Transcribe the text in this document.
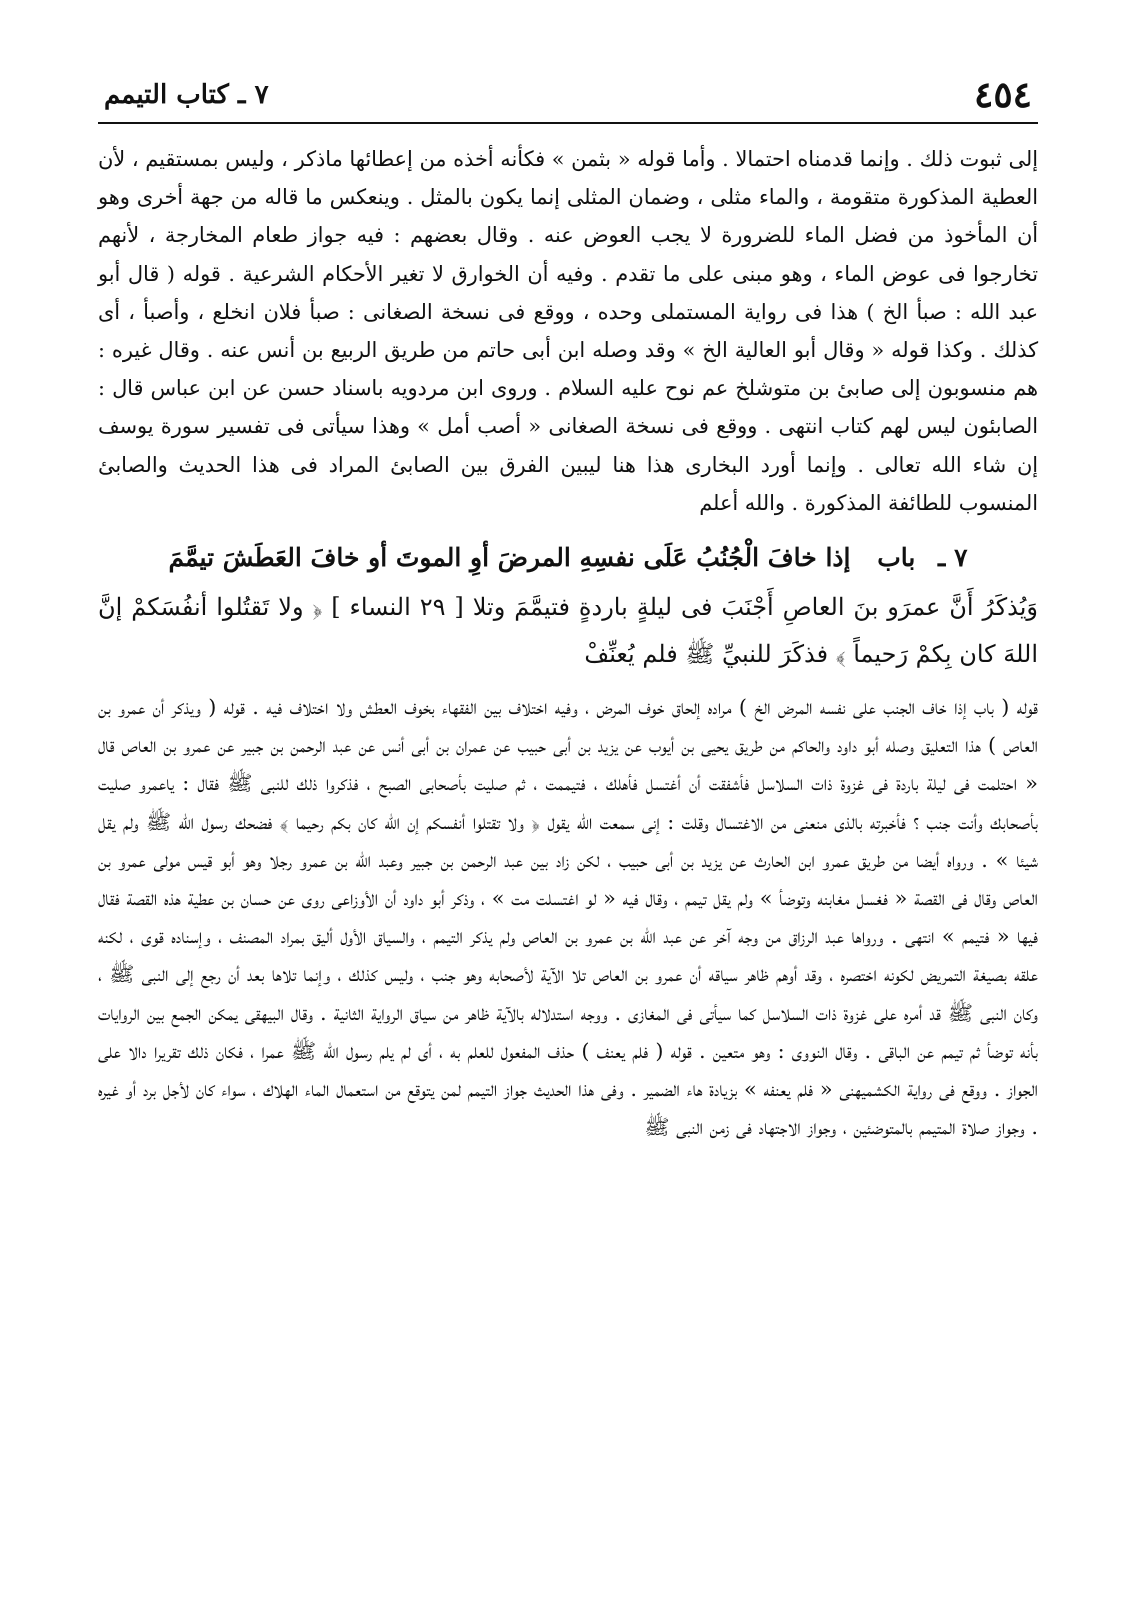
٤٥٤
٧ ـ كتاب التيمم

إلى ثبوت ذلك . وإنما قدمناه احتمالا . وأما قوله « بثمن » فكأنه أخذه من إعطائها ماذكر ، وليس بمستقيم ، لأن العطية المذكورة متقومة ، والماء مثلى ، وضمان المثلى إنما يكون بالمثل . وينعكس ما قاله من جهة أخرى وهو أن المأخوذ من فضل الماء للضرورة لا يجب العوض عنه . وقال بعضهم : فيه جواز طعام المخارجة ، لأنهم تخارجوا فى عوض الماء ، وهو مبنى على ما تقدم . وفيه أن الخوارق لا تغير الأحكام الشرعية . قوله ( قال أبو عبد الله : صبأ الخ ) هذا فى رواية المستملى وحده ، ووقع فى نسخة الصغانى : صبأ فلان انخلع ، وأصبأ ، أى كذلك . وكذا قوله « وقال أبو العالية الخ » وقد وصله ابن أبى حاتم من طريق الربيع بن أنس عنه . وقال غيره : هم منسوبون إلى صابئ بن متوشلخ عم نوح عليه السلام . وروى ابن مردويه باسناد حسن عن ابن عباس قال : الصابئون ليس لهم كتاب انتهى . ووقع فى نسخة الصغانى « أصب أمل » وهذا سيأتى فى تفسير سورة يوسف إن شاء الله تعالى . وإنما أورد البخارى هذا هنا ليبين الفرق بين الصابئ المراد فى هذا الحديث والصابئ المنسوب للطائفة المذكورة . والله أعلم

٧ ـ باب إذا خافَ الْجُنُبُ عَلَى نفسِهِ المرضَ أوِ الموتَ أو خافَ العَطَشَ تيمَّمَ

وَيُذكَرُ أَنَّ عمرَو بنَ العاصِ أَجْنَبَ فى ليلةٍ باردةٍ فتيمَّمَ وتلا [ ٢٩ النساء ] ﴿ ولا تَقتُلوا أنفُسَكمْ إنَّ اللهَ كان بِكمْ رَحيماً ﴾ فذكَرَ للنبيِّ ﷺ فلم يُعنِّفْ

قوله ( باب إذا خاف الجنب على نفسه المرض الخ ) مراده إلحاق خوف المرض ، وفيه اختلاف بين الفقهاء بخوف العطش ولا اختلاف فيه . قوله ( ويذكر أن عمرو بن العاص ) هذا التعليق وصله أبو داود والحاكم من طريق يحيى بن أيوب عن يزيد بن أبى حبيب عن عمران بن أبى أنس عن عبد الرحمن بن جبير عن عمرو بن العاص قال « احتلمت فى ليلة باردة فى غزوة ذات السلاسل فأشفقت أن أغتسل فأهلك ، فتيممت ، ثم صليت بأصحابى الصبح ، فذكروا ذلك للنبى ﷺ فقال : ياعمرو صليت بأصحابك وأنت جنب ؟ فأخبرته بالذى منعنى من الاغتسال وقلت : إنى سمعت الله يقول ﴿ ولا تقتلوا أنفسكم إن الله كان بكم رحيما ﴾ فضحك رسول الله ﷺ ولم يقل شيئا » . ورواه أيضا من طريق عمرو ابن الحارث عن يزيد بن أبى حبيب ، لكن زاد بين عبد الرحمن بن جبير وعبد الله بن عمرو رجلا وهو أبو قيس مولى عمرو بن العاص وقال فى القصة « فغسل مغابنه وتوضأ » ولم يقل تيمم ، وقال فيه « لو اغتسلت مت » ، وذكر أبو داود أن الأوزاعى روى عن حسان بن عطية هذه القصة فقال فيها « فتيمم » انتهى . ورواها عبد الرزاق من وجه آخر عن عبد الله بن عمرو بن العاص ولم يذكر التيمم ، والسياق الأول أليق بمراد المصنف ، وإسناده قوى ، لكنه علقه بصيغة التمريض لكونه اختصره ، وقد أوهم ظاهر سياقه أن عمرو بن العاص تلا الآية لأصحابه وهو جنب ، وليس كذلك ، وإنما تلاها بعد أن رجع إلى النبى ﷺ ، وكان النبى ﷺ قد أمره على غزوة ذات السلاسل كما سيأتى فى المغازى . ووجه استدلاله بالآية ظاهر من سياق الرواية الثانية . وقال البيهقى يمكن الجمع بين الروايات بأنه توضأ ثم تيمم عن الباقى . وقال النووى : وهو متعين . قوله ( فلم يعنف ) حذف المفعول للعلم به ، أى لم يلم رسول الله ﷺ عمرا ، فكان ذلك تقريرا دالا على الجواز . ووقع فى رواية الكشميهنى « فلم يعنفه » بزيادة هاء الضمير . وفى هذا الحديث جواز التيمم لمن يتوقع من استعمال الماء الهلاك ، سواء كان لأجل برد أو غيره . وجواز صلاة المتيمم بالمتوضئين ، وجواز الاجتهاد فى زمن النبى ﷺ
